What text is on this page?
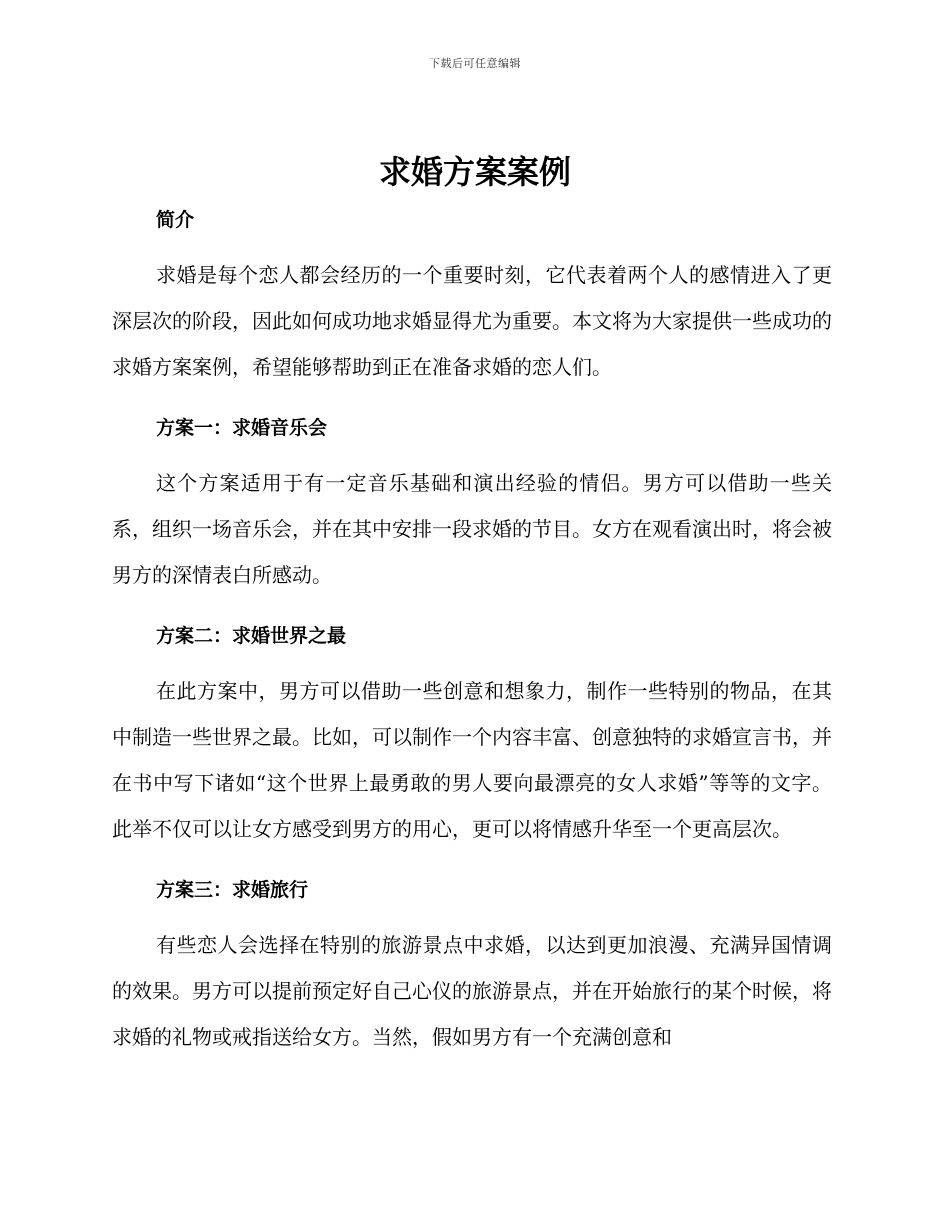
下载后可任意编辑
求婚方案案例
简介

求婚是每个恋人都会经历的一个重要时刻，它代表着两个人的感情进入了更深层次的阶段，因此如何成功地求婚显得尤为重要。本文将为大家提供一些成功的求婚方案案例，希望能够帮助到正在准备求婚的恋人们。

方案一：求婚音乐会

这个方案适用于有一定音乐基础和演出经验的情侣。男方可以借助一些关系，组织一场音乐会，并在其中安排一段求婚的节目。女方在观看演出时，将会被男方的深情表白所感动。

方案二：求婚世界之最

在此方案中，男方可以借助一些创意和想象力，制作一些特别的物品，在其中制造一些世界之最。比如，可以制作一个内容丰富、创意独特的求婚宣言书，并在书中写下诸如“这个世界上最勇敢的男人要向最漂亮的女人求婚”等等的文字。此举不仅可以让女方感受到男方的用心，更可以将情感升华至一个更高层次。

方案三：求婚旅行

有些恋人会选择在特别的旅游景点中求婚，以达到更加浪漫、充满异国情调的效果。男方可以提前预定好自己心仪的旅游景点，并在开始旅行的某个时候，将求婚的礼物或戒指送给女方。当然，假如男方有一个充满创意和
